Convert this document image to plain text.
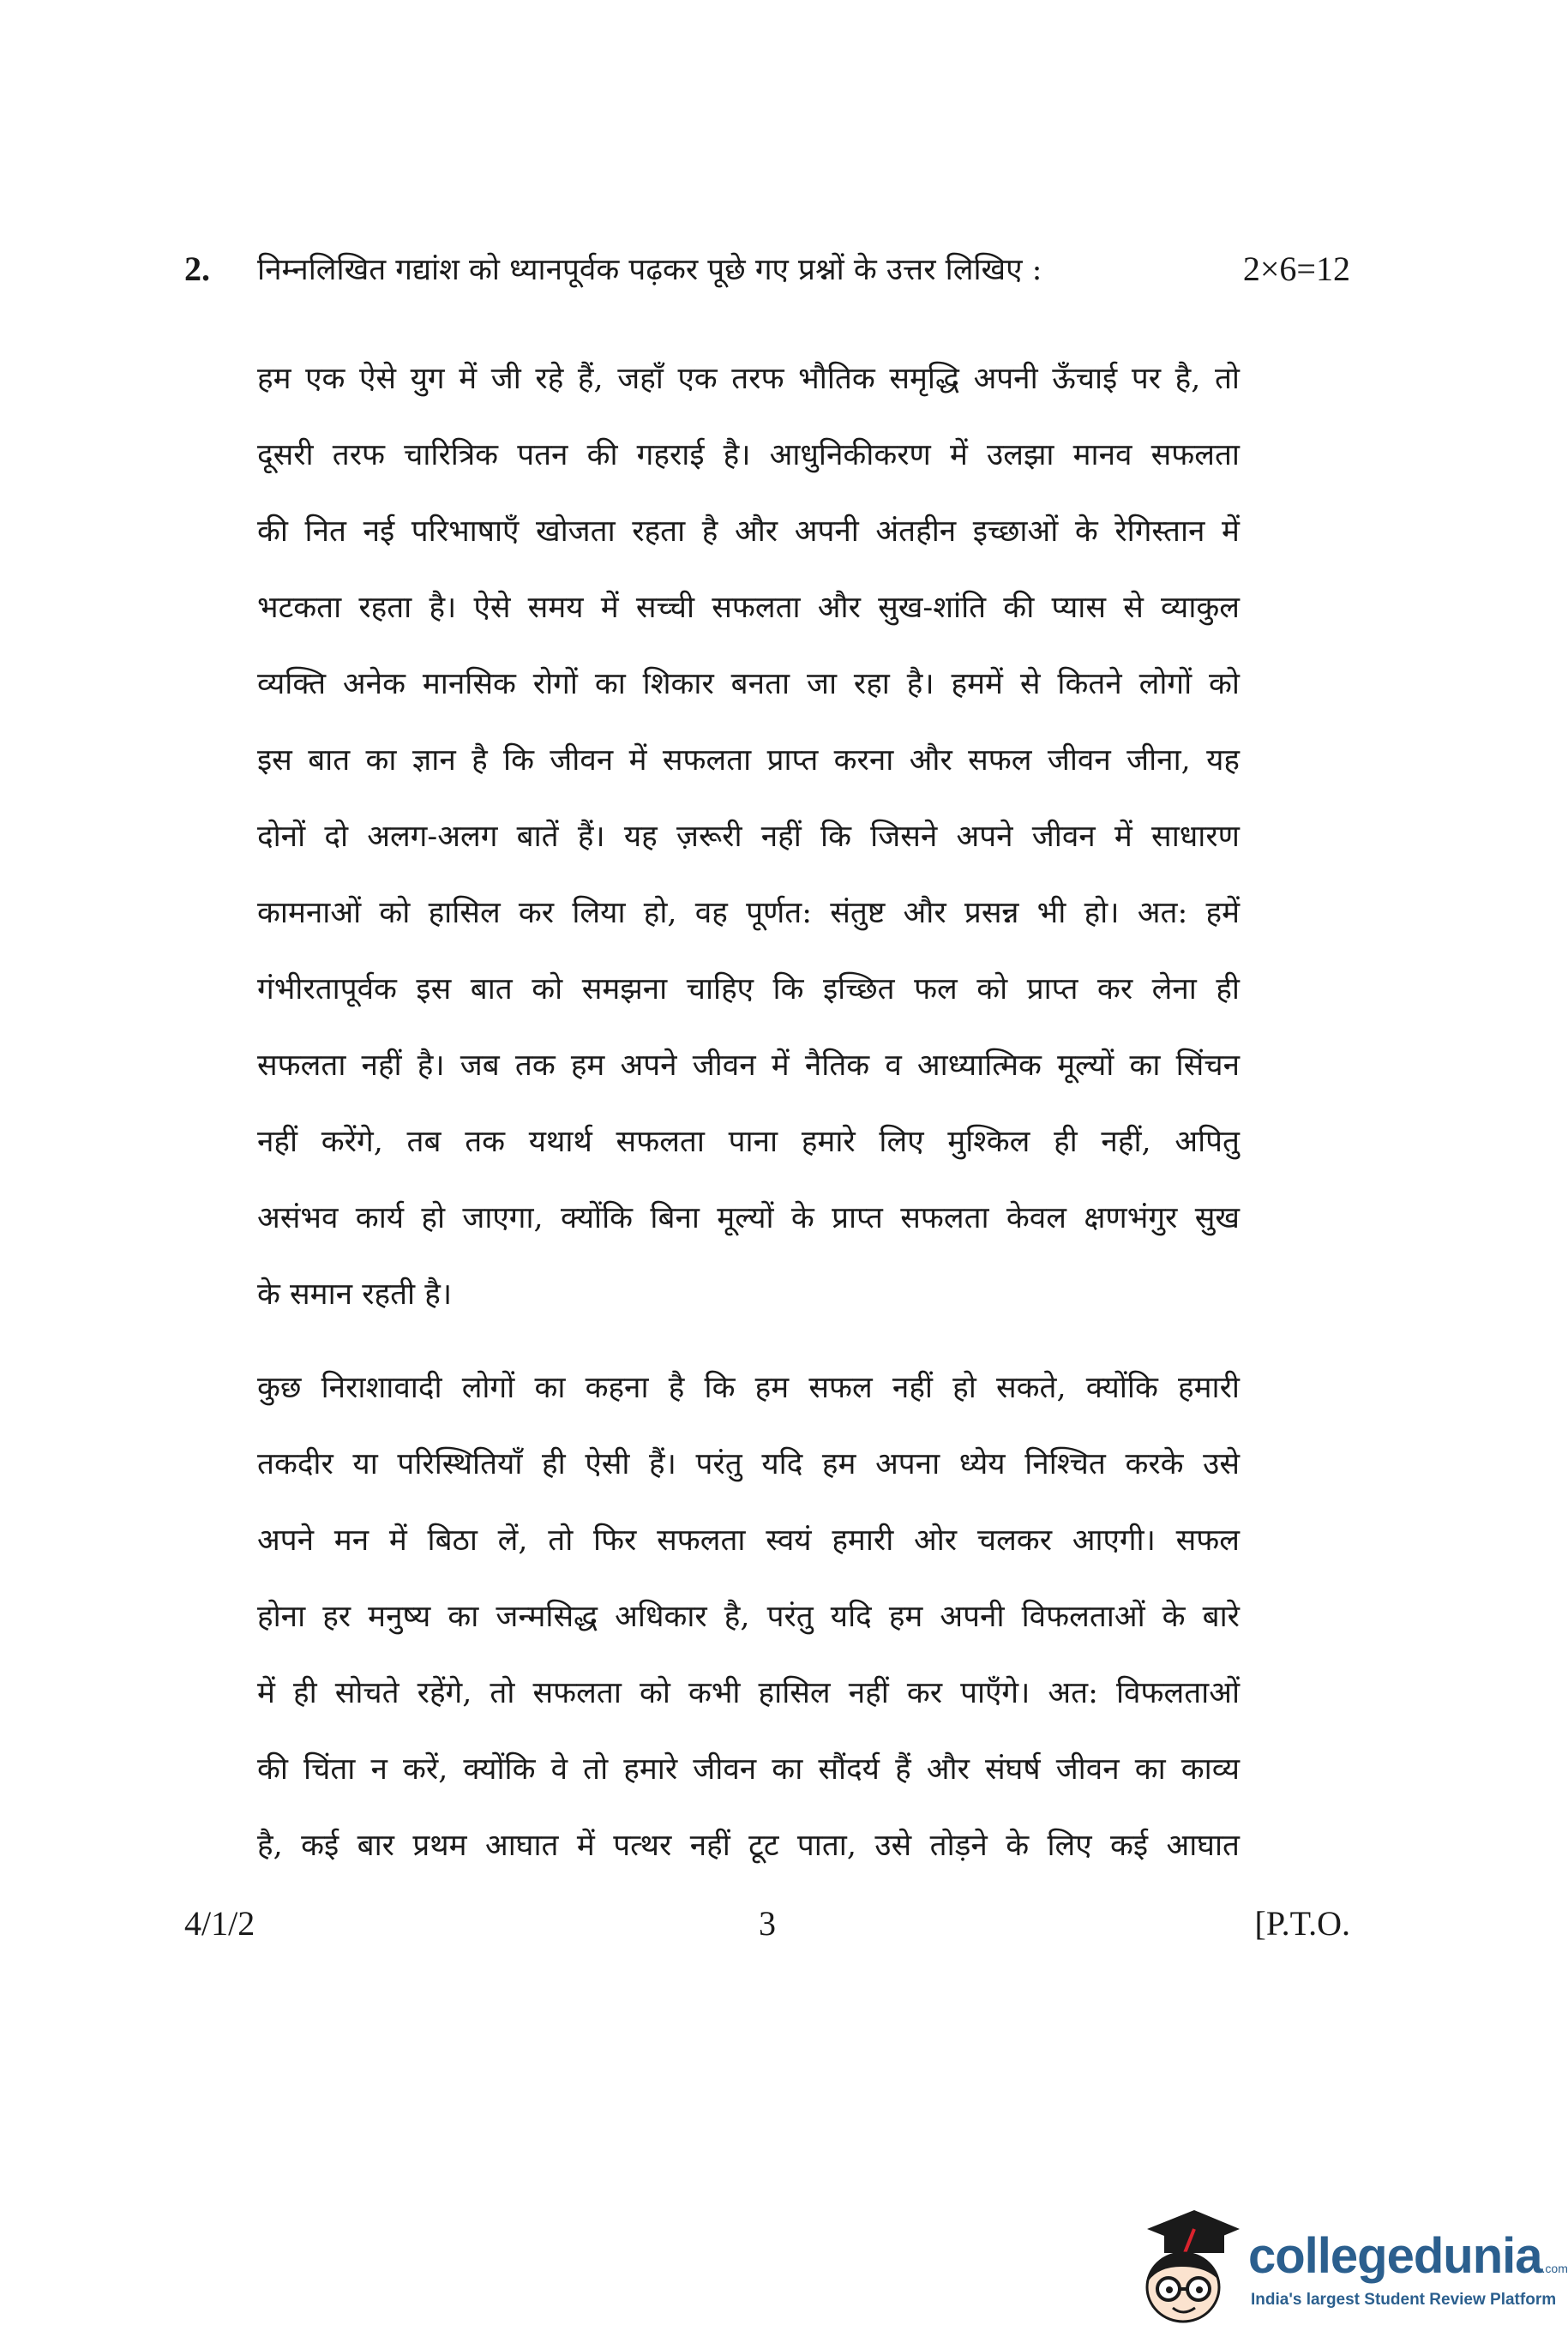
2. निम्नलिखित गद्यांश को ध्यानपूर्वक पढ़कर पूछे गए प्रश्नों के उत्तर लिखिए :	2×6=12

हम एक ऐसे युग में जी रहे हैं, जहाँ एक तरफ भौतिक समृद्धि अपनी ऊँचाई पर है, तो
दूसरी तरफ चारित्रिक पतन की गहराई है। आधुनिकीकरण में उलझा मानव सफलता
की नित नई परिभाषाएँ खोजता रहता है और अपनी अंतहीन इच्छाओं के रेगिस्तान में
भटकता रहता है। ऐसे समय में सच्ची सफलता और सुख-शांति की प्यास से व्याकुल
व्यक्ति अनेक मानसिक रोगों का शिकार बनता जा रहा है। हममें से कितने लोगों को
इस बात का ज्ञान है कि जीवन में सफलता प्राप्त करना और सफल जीवन जीना, यह
दोनों दो अलग-अलग बातें हैं। यह ज़रूरी नहीं कि जिसने अपने जीवन में साधारण
कामनाओं को हासिल कर लिया हो, वह पूर्णत: संतुष्ट और प्रसन्न भी हो। अत: हमें
गंभीरतापूर्वक इस बात को समझना चाहिए कि इच्छित फल को प्राप्त कर लेना ही
सफलता नहीं है। जब तक हम अपने जीवन में नैतिक व आध्यात्मिक मूल्यों का सिंचन
नहीं करेंगे, तब तक यथार्थ सफलता पाना हमारे लिए मुश्किल ही नहीं, अपितु
असंभव कार्य हो जाएगा, क्योंकि बिना मूल्यों के प्राप्त सफलता केवल क्षणभंगुर सुख
के समान रहती है।

कुछ निराशावादी लोगों का कहना है कि हम सफल नहीं हो सकते, क्योंकि हमारी
तकदीर या परिस्थितियाँ ही ऐसी हैं। परंतु यदि हम अपना ध्येय निश्चित करके उसे
अपने मन में बिठा लें, तो फिर सफलता स्वयं हमारी ओर चलकर आएगी। सफल
होना हर मनुष्य का जन्मसिद्ध अधिकार है, परंतु यदि हम अपनी विफलताओं के बारे
में ही सोचते रहेंगे, तो सफलता को कभी हासिल नहीं कर पाएँगे। अत: विफलताओं
की चिंता न करें, क्योंकि वे तो हमारे जीवन का सौंदर्य हैं और संघर्ष जीवन का काव्य
है, कई बार प्रथम आघात में पत्थर नहीं टूट पाता, उसे तोड़ने के लिए कई आघात

4/1/2	3	[P.T.O.
collegedunia.com
India's largest Student Review Platform
